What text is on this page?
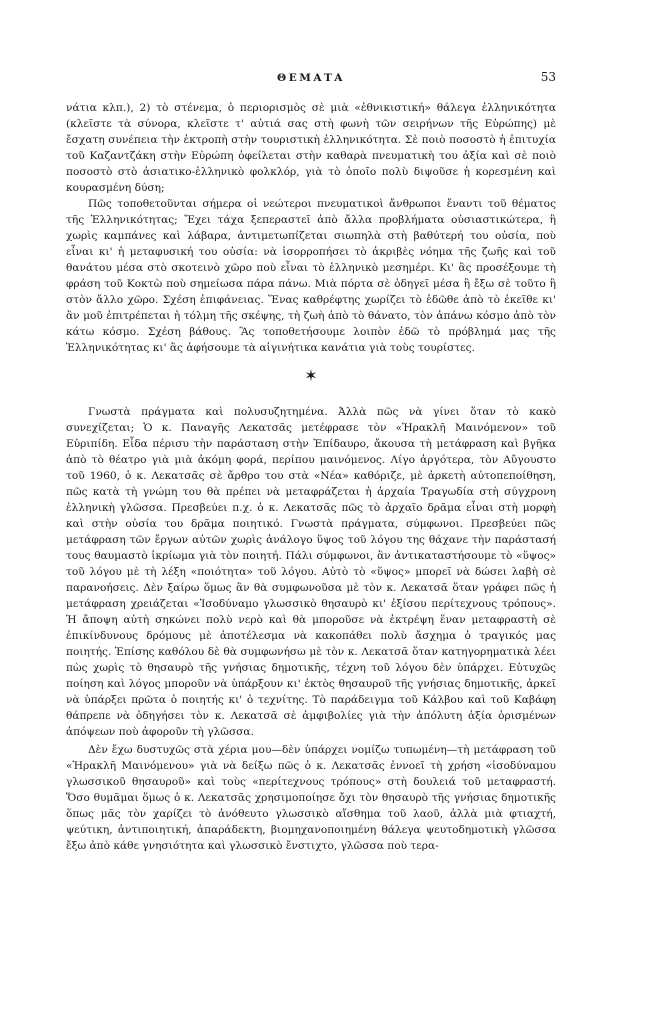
ΘΕΜΑΤΑ	53

νάτια κλπ.), 2) τὸ στένεμα, ὁ περιορισμὸς σὲ μιὰ «ἐθνικιστική» θάλεγα ἑλληνικότητα (κλεῖστε τὰ σύνορα, κλεῖστε τ' αὐτιά σας στὴ φωνὴ τῶν σειρήνων τῆς Εὐρώπης) μὲ ἔσχατη συνέπεια τὴν ἐκτροπὴ στὴν τουριστικὴ ἑλληνικότητα. Σὲ ποιὸ ποσοστὸ ἡ ἐπιτυχία τοῦ Καζαντζάκη στὴν Εὐρώπη ὀφείλεται στὴν καθαρὰ πνευματικὴ του ἀξία καὶ σὲ ποιὸ ποσοστὸ στὸ ἀσιατικο-ἑλληνικὸ φολκλόρ, γιὰ τὸ ὁποῖο πολὺ διψοῦσε ἡ κορεσμένη καὶ κουρασμένη δύση;

Πῶς τοποθετοῦνται σήμερα οἱ νεώτεροι πνευματικοὶ ἄνθρωποι ἔναντι τοῦ θέματος τῆς Ἑλληνικότητας; Ἔχει τάχα ξεπεραστεῖ ἀπὸ ἄλλα προβλήματα οὐσιαστικώτερα, ἢ χωρὶς καμπάνες καὶ λάβαρα, ἀντιμετωπίζεται σιωπηλὰ στὴ βαθύτερή του οὐσία, ποὺ εἶναι κι' ἡ μεταφυσική του οὐσία: νὰ ἰσορροπήσει τὸ ἀκριβὲς νόημα τῆς ζωῆς καὶ τοῦ θανάτου μέσα στὸ σκοτεινὸ χῶρο ποὺ εἶναι τὸ ἑλληνικὸ μεσημέρι. Κι' ἂς προσέξουμε τὴ φράση τοῦ Κοκτὼ ποὺ σημείωσα πάρα πάνω. Μιὰ πόρτα σὲ ὁδηγεῖ μέσα ἢ ἔξω σὲ τοῦτο ἢ στὸν ἄλλο χῶρο. Σχέση ἐπιφάνειας. Ἕνας καθρέφτης χωρίζει τὸ ἐδῶθε ἀπὸ τὸ ἐκεῖθε κι' ἂν μοῦ ἐπιτρέπεται ἡ τόλμη τῆς σκέψης, τὴ ζωὴ ἀπὸ τὸ θάνατο, τὸν ἀπάνω κόσμο ἀπὸ τὸν κάτω κόσμο. Σχέση βάθους. Ἂς τοποθετήσουμε λοιπὸν ἐδῶ τὸ πρόβλημά μας τῆς Ἑλληνικότητας κι' ἂς ἀφήσουμε τὰ αἰγινήτικα κανάτια γιὰ τοὺς τουρίστες.

✶

Γνωστὰ πράγματα καὶ πολυσυζητημένα. Ἀλλὰ πῶς νὰ γίνει ὅταν τὸ κακὸ συνεχίζεται; Ὁ κ. Παναγῆς Λεκατσᾶς μετέφρασε τὸν «Ἡρακλῆ Μαινόμενον» τοῦ Εὐριπίδη. Εἶδα πέρισυ τὴν παράσταση στὴν Ἐπίδαυρο, ἄκουσα τὴ μετάφραση καὶ βγῆκα ἀπὸ τὸ θέατρο γιὰ μιὰ ἀκόμη φορά, περίπου μαινόμενος. Λίγο ἀργότερα, τὸν Αὔγουστο τοῦ 1960, ὁ κ. Λεκατσᾶς σὲ ἄρθρο του στὰ «Νέα» καθόριζε, μὲ ἀρκετὴ αὐτοπεποίθηση, πῶς κατὰ τὴ γνώμη του θὰ πρέπει νὰ μεταφράζεται ἡ ἀρχαία Τραγωδία στὴ σύγχρονη ἑλληνικὴ γλῶσσα. Πρεσβεύει π.χ. ὁ κ. Λεκατσᾶς πῶς τὸ ἀρχαῖο δρᾶμα εἶναι στὴ μορφὴ καὶ στὴν οὐσία του δρᾶμα ποιητικό. Γνωστὰ πράγματα, σύμφωνοι. Πρεσβεύει πῶς μετάφραση τῶν ἔργων αὐτῶν χωρὶς ἀνάλογο ὕψος τοῦ λόγου της θάχανε τὴν παράστασή τους θαυμαστὸ ἰκρίωμα γιὰ τὸν ποιητή. Πάλι σύμφωνοι, ἂν ἀντικαταστήσουμε τὸ «ὕψος» τοῦ λόγου μὲ τὴ λέξη «ποιότητα» τοῦ λόγου. Αὐτὸ τὸ «ὕψος» μπορεῖ νὰ δώσει λαβὴ σὲ παρανοήσεις. Δὲν ξαίρω ὅμως ἂν θὰ συμφωνοῦσα μὲ τὸν κ. Λεκατσᾶ ὅταν γράφει πῶς ἡ μετάφραση χρειάζεται «Ἰσοδύναμο γλωσσικὸ θησαυρὸ κι' ἐξίσου περίτεχνους τρόπους». Ἡ ἄποψη αὐτὴ σηκώνει πολὺ νερὸ καὶ θὰ μποροῦσε νὰ ἐκτρέψη ἕναν μεταφραστὴ σὲ ἐπικίνδυνους δρόμους μὲ ἀποτέλεσμα νὰ κακοπάθει πολὺ ἄσχημα ὁ τραγικός μας ποιητής. Ἐπίσης καθόλου δὲ θὰ συμφωνήσω μὲ τὸν κ. Λεκατσᾶ ὅταν κατηγορηματικὰ λέει πὼς χωρὶς τὸ θησαυρὸ τῆς γνήσιας δημοτικῆς, τέχνη τοῦ λόγου δὲν ὑπάρχει. Εὐτυχῶς ποίηση καὶ λόγος μποροῦν νὰ ὑπάρξουν κι' ἐκτὸς θησαυροῦ τῆς γνήσιας δημοτικῆς, ἀρκεῖ νὰ ὑπάρξει πρῶτα ὁ ποιητής κι' ὁ τεχνίτης. Τὸ παράδειγμα τοῦ Κάλβου καὶ τοῦ Καβάφη θάπρεπε νὰ ὁδηγήσει τὸν κ. Λεκατσᾶ σὲ ἀμφιβολίες γιὰ τὴν ἀπόλυτη ἀξία ὁρισμένων ἀπόψεων ποὺ ἀφοροῦν τὴ γλῶσσα.

Δὲν ἔχω δυστυχῶς στὰ χέρια μου—δὲν ὑπάρχει νομίζω τυπωμένη—τὴ μετάφραση τοῦ «Ἡρακλῆ Μαινόμενου» γιὰ νὰ δείξω πῶς ὁ κ. Λεκατσᾶς ἐννοεῖ τὴ χρήση «ἰσοδύναμου γλωσσικοῦ θησαυροῦ» καὶ τοὺς «περίτεχνους τρόπους» στὴ δουλειά τοῦ μεταφραστή. Ὅσο θυμᾶμαι ὅμως ὁ κ. Λεκατσᾶς χρησιμοποίησε ὄχι τὸν θησαυρὸ τῆς γνήσιας δημοτικῆς ὅπως μᾶς τὸν χαρίζει τὸ ἀνόθευτο γλωσσικὸ αἴσθημα τοῦ λαοῦ, ἀλλὰ μιὰ φτιαχτή, ψεύτικη, ἀντιποιητική, ἀπαράδεκτη, βιομηχανοποιημένη θάλεγα ψευτοδημοτικὴ γλῶσσα ἔξω ἀπὸ κάθε γνησιότητα καὶ γλωσσικὸ ἔνστιχτο, γλῶσσα ποὺ τερα-
